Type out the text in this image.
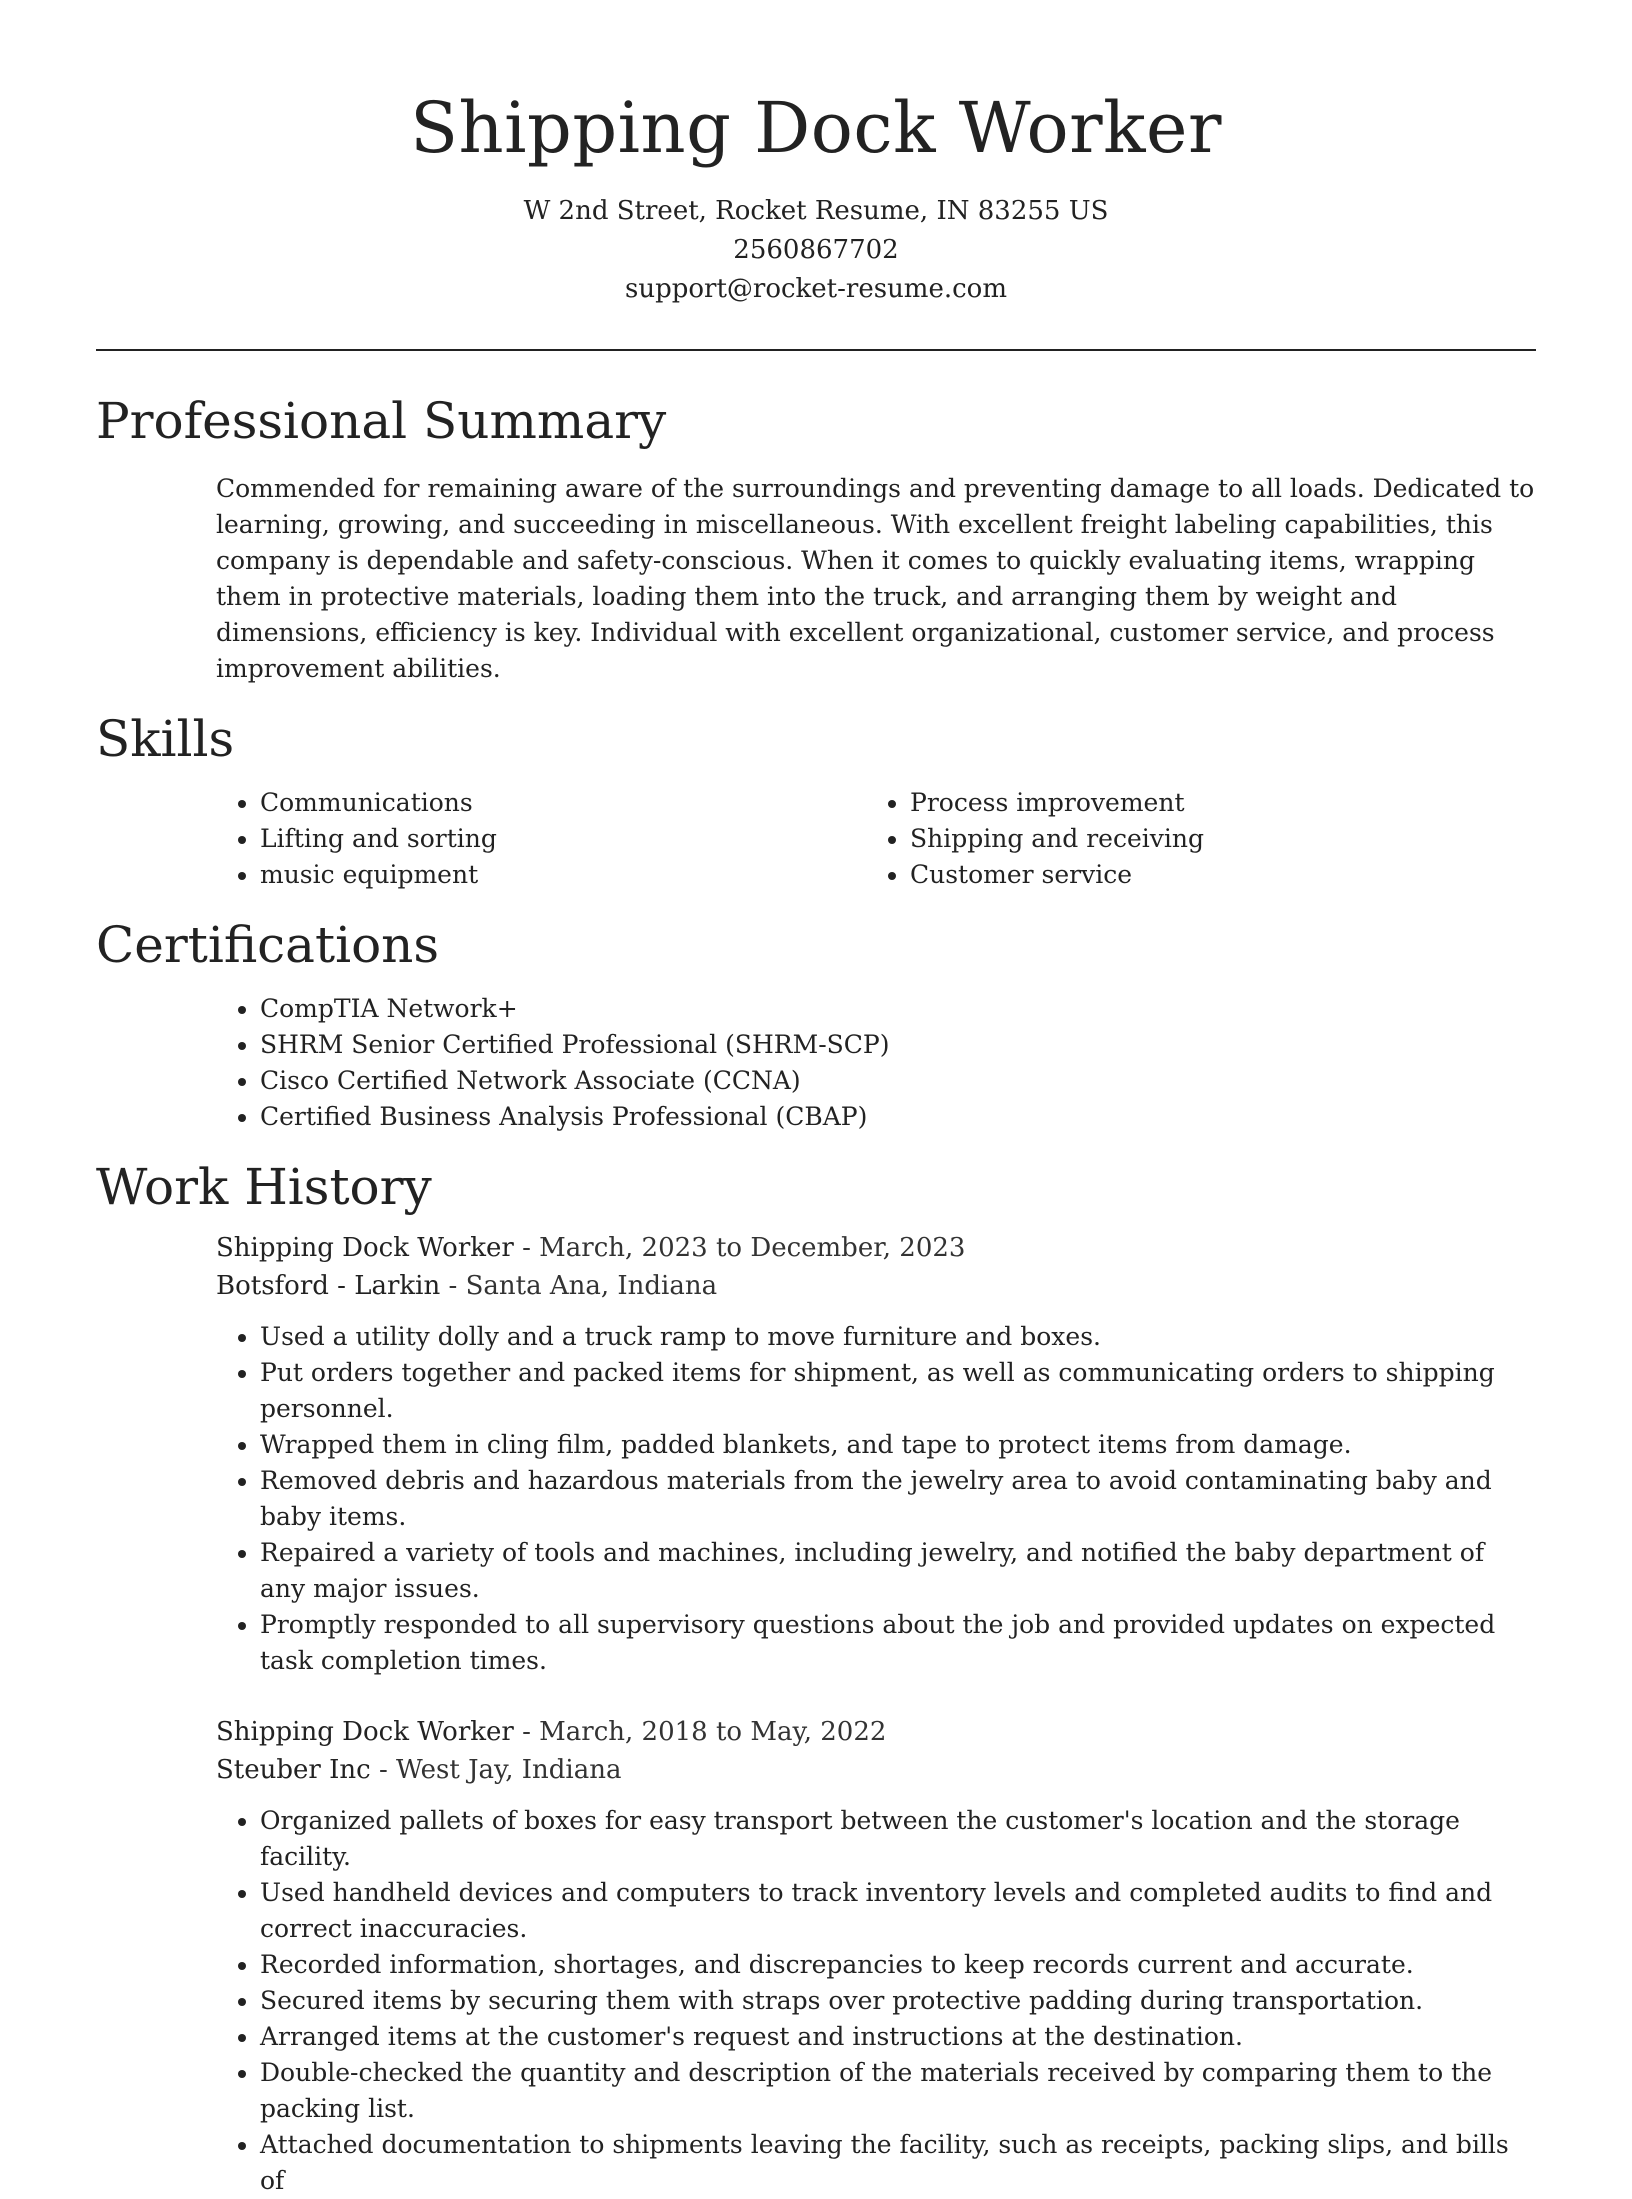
Shipping Dock Worker
W 2nd Street, Rocket Resume, IN 83255 US
2560867702
support@rocket-resume.com
Professional Summary
Commended for remaining aware of the surroundings and preventing damage to all loads. Dedicated to learning, growing, and succeeding in miscellaneous. With excellent freight labeling capabilities, this company is dependable and safety-conscious. When it comes to quickly evaluating items, wrapping them in protective materials, loading them into the truck, and arranging them by weight and dimensions, efficiency is key. Individual with excellent organizational, customer service, and process improvement abilities.
Skills
• Communications
• Lifting and sorting
• music equipment
• Process improvement
• Shipping and receiving
• Customer service
Certifications
• CompTIA Network+
• SHRM Senior Certified Professional (SHRM-SCP)
• Cisco Certified Network Associate (CCNA)
• Certified Business Analysis Professional (CBAP)
Work History
Shipping Dock Worker - March, 2023 to December, 2023
Botsford - Larkin - Santa Ana, Indiana
• Used a utility dolly and a truck ramp to move furniture and boxes.
• Put orders together and packed items for shipment, as well as communicating orders to shipping personnel.
• Wrapped them in cling film, padded blankets, and tape to protect items from damage.
• Removed debris and hazardous materials from the jewelry area to avoid contaminating baby and baby items.
• Repaired a variety of tools and machines, including jewelry, and notified the baby department of any major issues.
• Promptly responded to all supervisory questions about the job and provided updates on expected task completion times.
Shipping Dock Worker - March, 2018 to May, 2022
Steuber Inc - West Jay, Indiana
• Organized pallets of boxes for easy transport between the customer's location and the storage facility.
• Used handheld devices and computers to track inventory levels and completed audits to find and correct inaccuracies.
• Recorded information, shortages, and discrepancies to keep records current and accurate.
• Secured items by securing them with straps over protective padding during transportation.
• Arranged items at the customer's request and instructions at the destination.
• Double-checked the quantity and description of the materials received by comparing them to the packing list.
• Attached documentation to shipments leaving the facility, such as receipts, packing slips, and bills of
